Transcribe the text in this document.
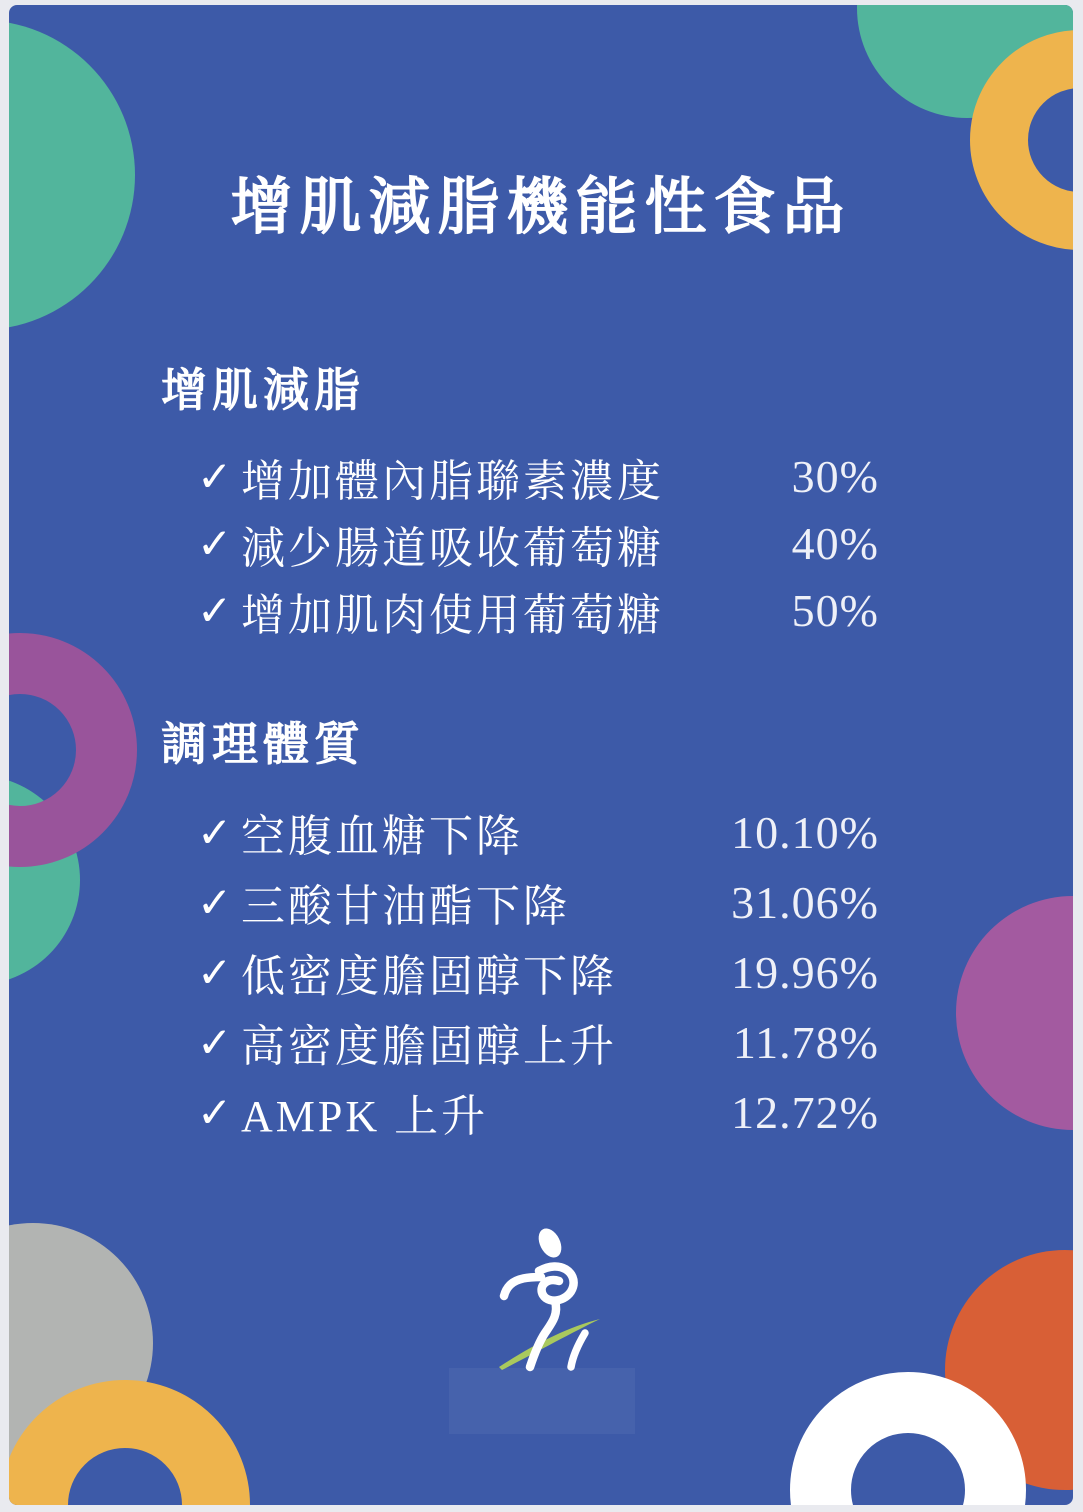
增肌減脂機能性食品
增肌減脂
✓ 增加體內脂聯素濃度	30%
✓ 減少腸道吸收葡萄糖	40%
✓ 增加肌肉使用葡萄糖	50%
調理體質
✓ 空腹血糖下降	10.10%
✓ 三酸甘油酯下降	31.06%
✓ 低密度膽固醇下降 19.96%
✓ 高密度膽固醇上升	11.78%
✓ AMPK 上升	12.72%
